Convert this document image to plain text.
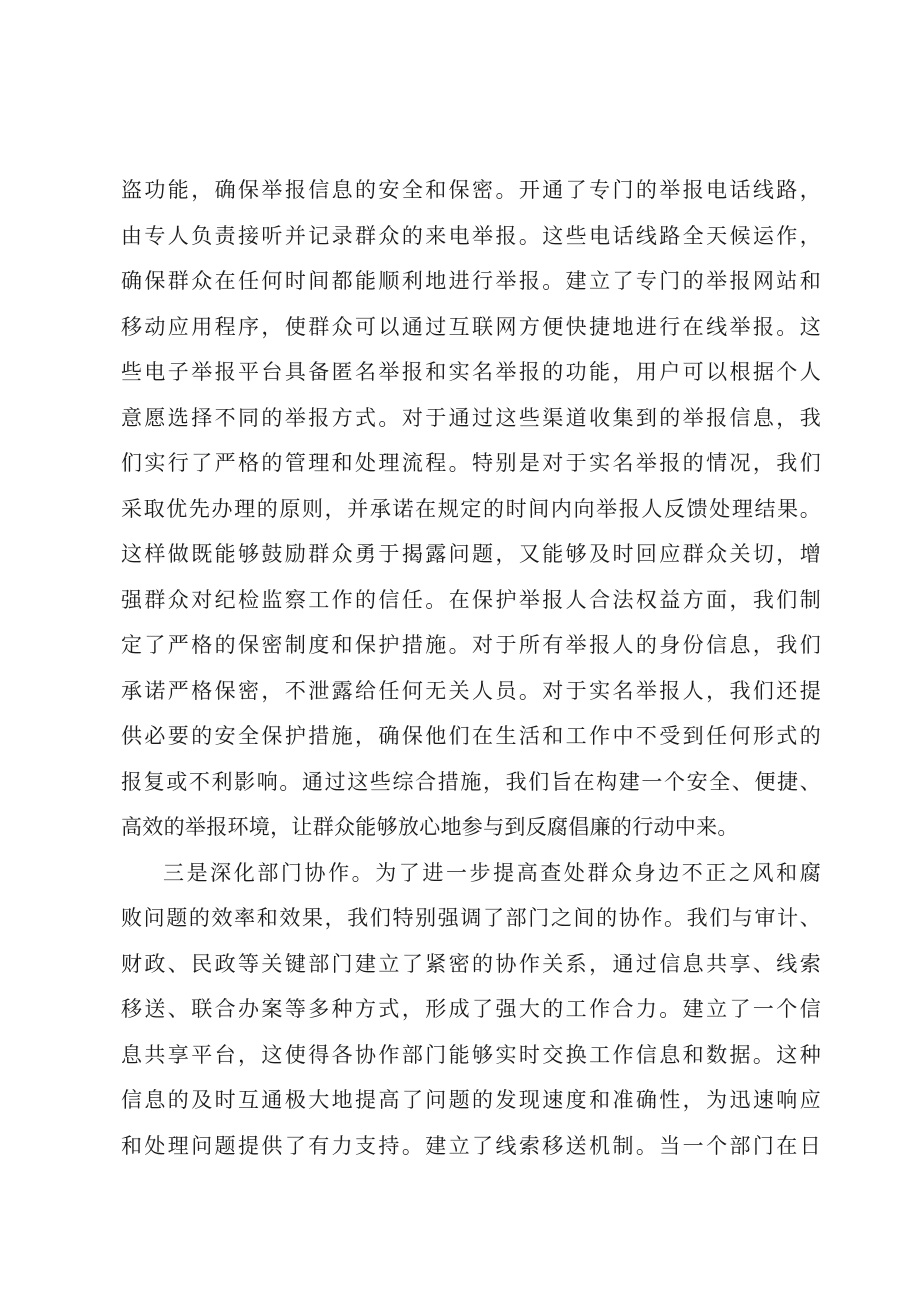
盗功能，确保举报信息的安全和保密。开通了专门的举报电话线路，
由专人负责接听并记录群众的来电举报。这些电话线路全天候运作，
确保群众在任何时间都能顺利地进行举报。建立了专门的举报网站和
移动应用程序，使群众可以通过互联网方便快捷地进行在线举报。这
些电子举报平台具备匿名举报和实名举报的功能，用户可以根据个人
意愿选择不同的举报方式。对于通过这些渠道收集到的举报信息，我
们实行了严格的管理和处理流程。特别是对于实名举报的情况，我们
采取优先办理的原则，并承诺在规定的时间内向举报人反馈处理结果。
这样做既能够鼓励群众勇于揭露问题，又能够及时回应群众关切，增
强群众对纪检监察工作的信任。在保护举报人合法权益方面，我们制
定了严格的保密制度和保护措施。对于所有举报人的身份信息，我们
承诺严格保密，不泄露给任何无关人员。对于实名举报人，我们还提
供必要的安全保护措施，确保他们在生活和工作中不受到任何形式的
报复或不利影响。通过这些综合措施，我们旨在构建一个安全、便捷、
高效的举报环境，让群众能够放心地参与到反腐倡廉的行动中来。
三是深化部门协作。为了进一步提高查处群众身边不正之风和腐
败问题的效率和效果，我们特别强调了部门之间的协作。我们与审计、
财政、民政等关键部门建立了紧密的协作关系，通过信息共享、线索
移送、联合办案等多种方式，形成了强大的工作合力。建立了一个信
息共享平台，这使得各协作部门能够实时交换工作信息和数据。这种
信息的及时互通极大地提高了问题的发现速度和准确性，为迅速响应
和处理问题提供了有力支持。建立了线索移送机制。当一个部门在日
